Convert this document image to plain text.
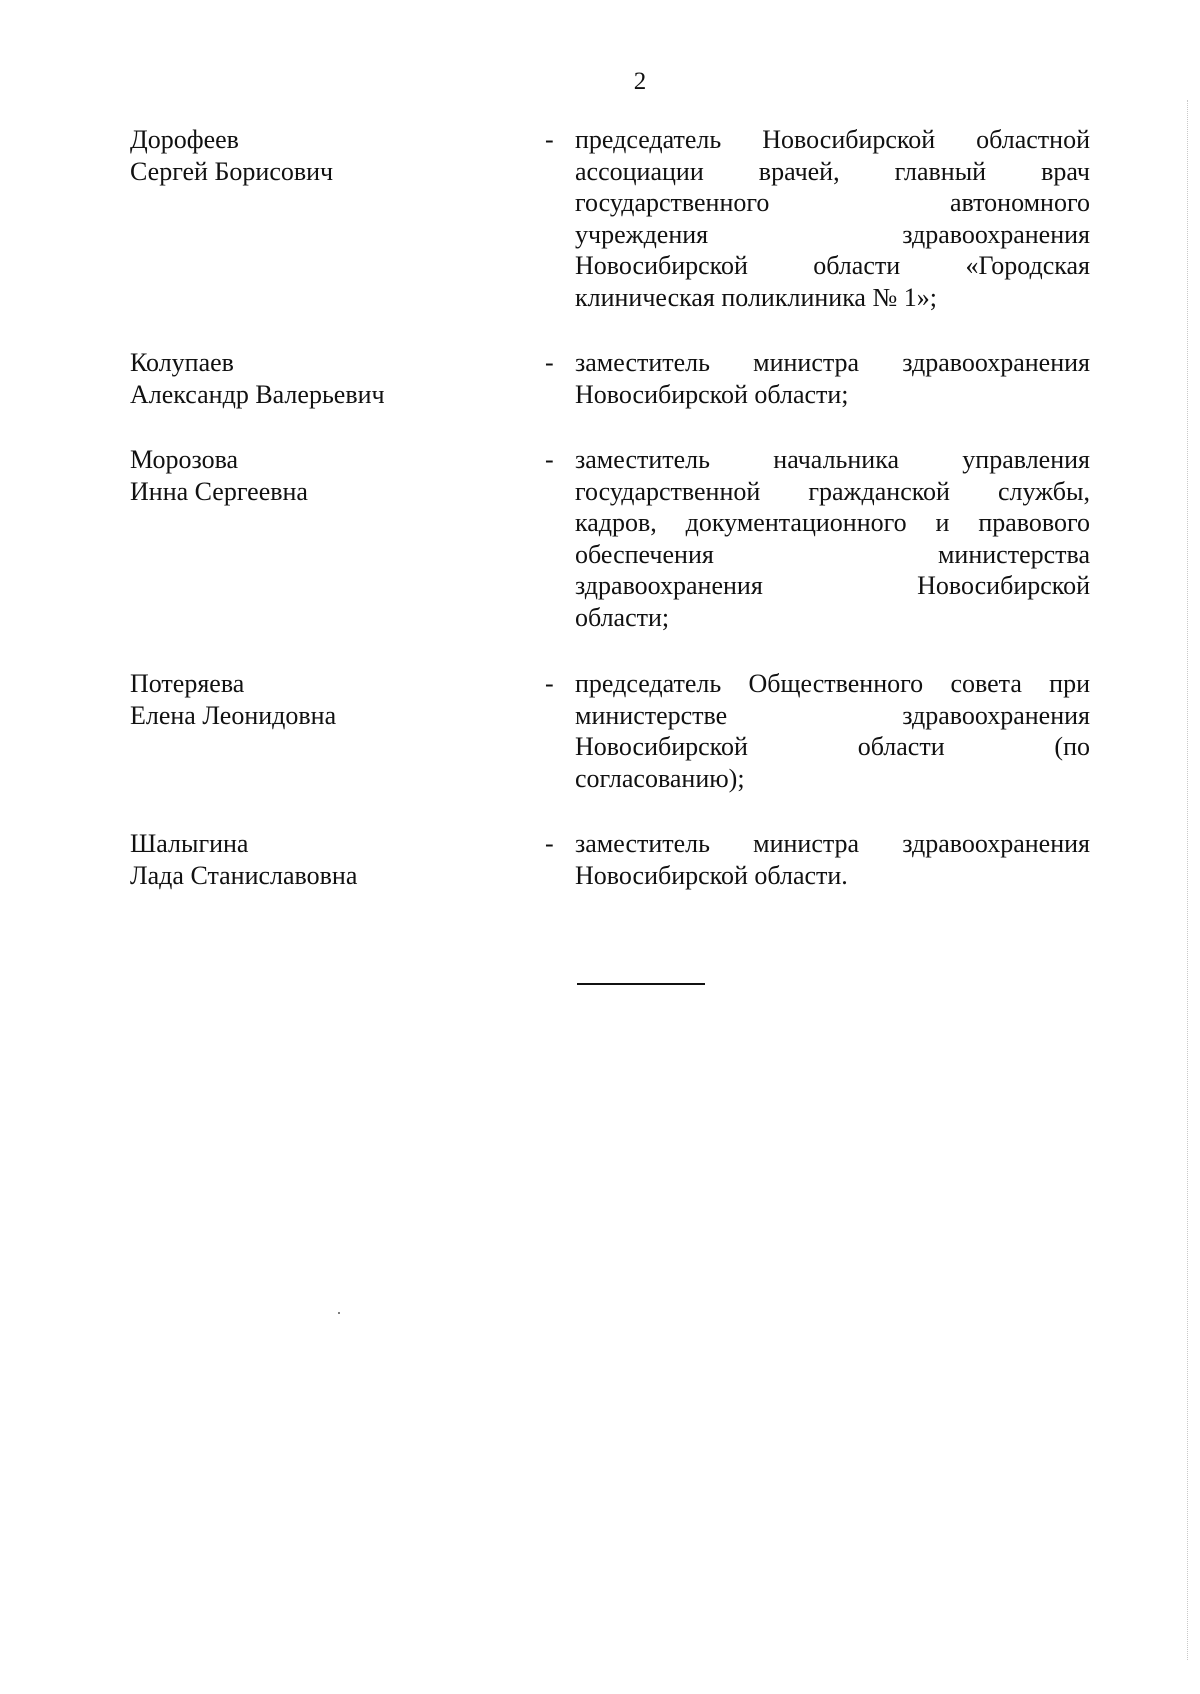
2
Дорофеев
Сергей Борисович
- председатель Новосибирской областной
ассоциации врачей, главный врач
государственного автономного
учреждения здравоохранения
Новосибирской области «Городская
клиническая поликлиника № 1»;
Колупаев
Александр Валерьевич
- заместитель министра здравоохранения
Новосибирской области;
Морозова
Инна Сергеевна
- заместитель начальника управления
государственной гражданской службы,
кадров, документационного и правового
обеспечения министерства
здравоохранения Новосибирской
области;
Потеряева
Елена Леонидовна
- председатель Общественного совета при
министерстве здравоохранения
Новосибирской области (по
согласованию);
Шалыгина
Лада Станиславовна
- заместитель министра здравоохранения
Новосибирской области.
